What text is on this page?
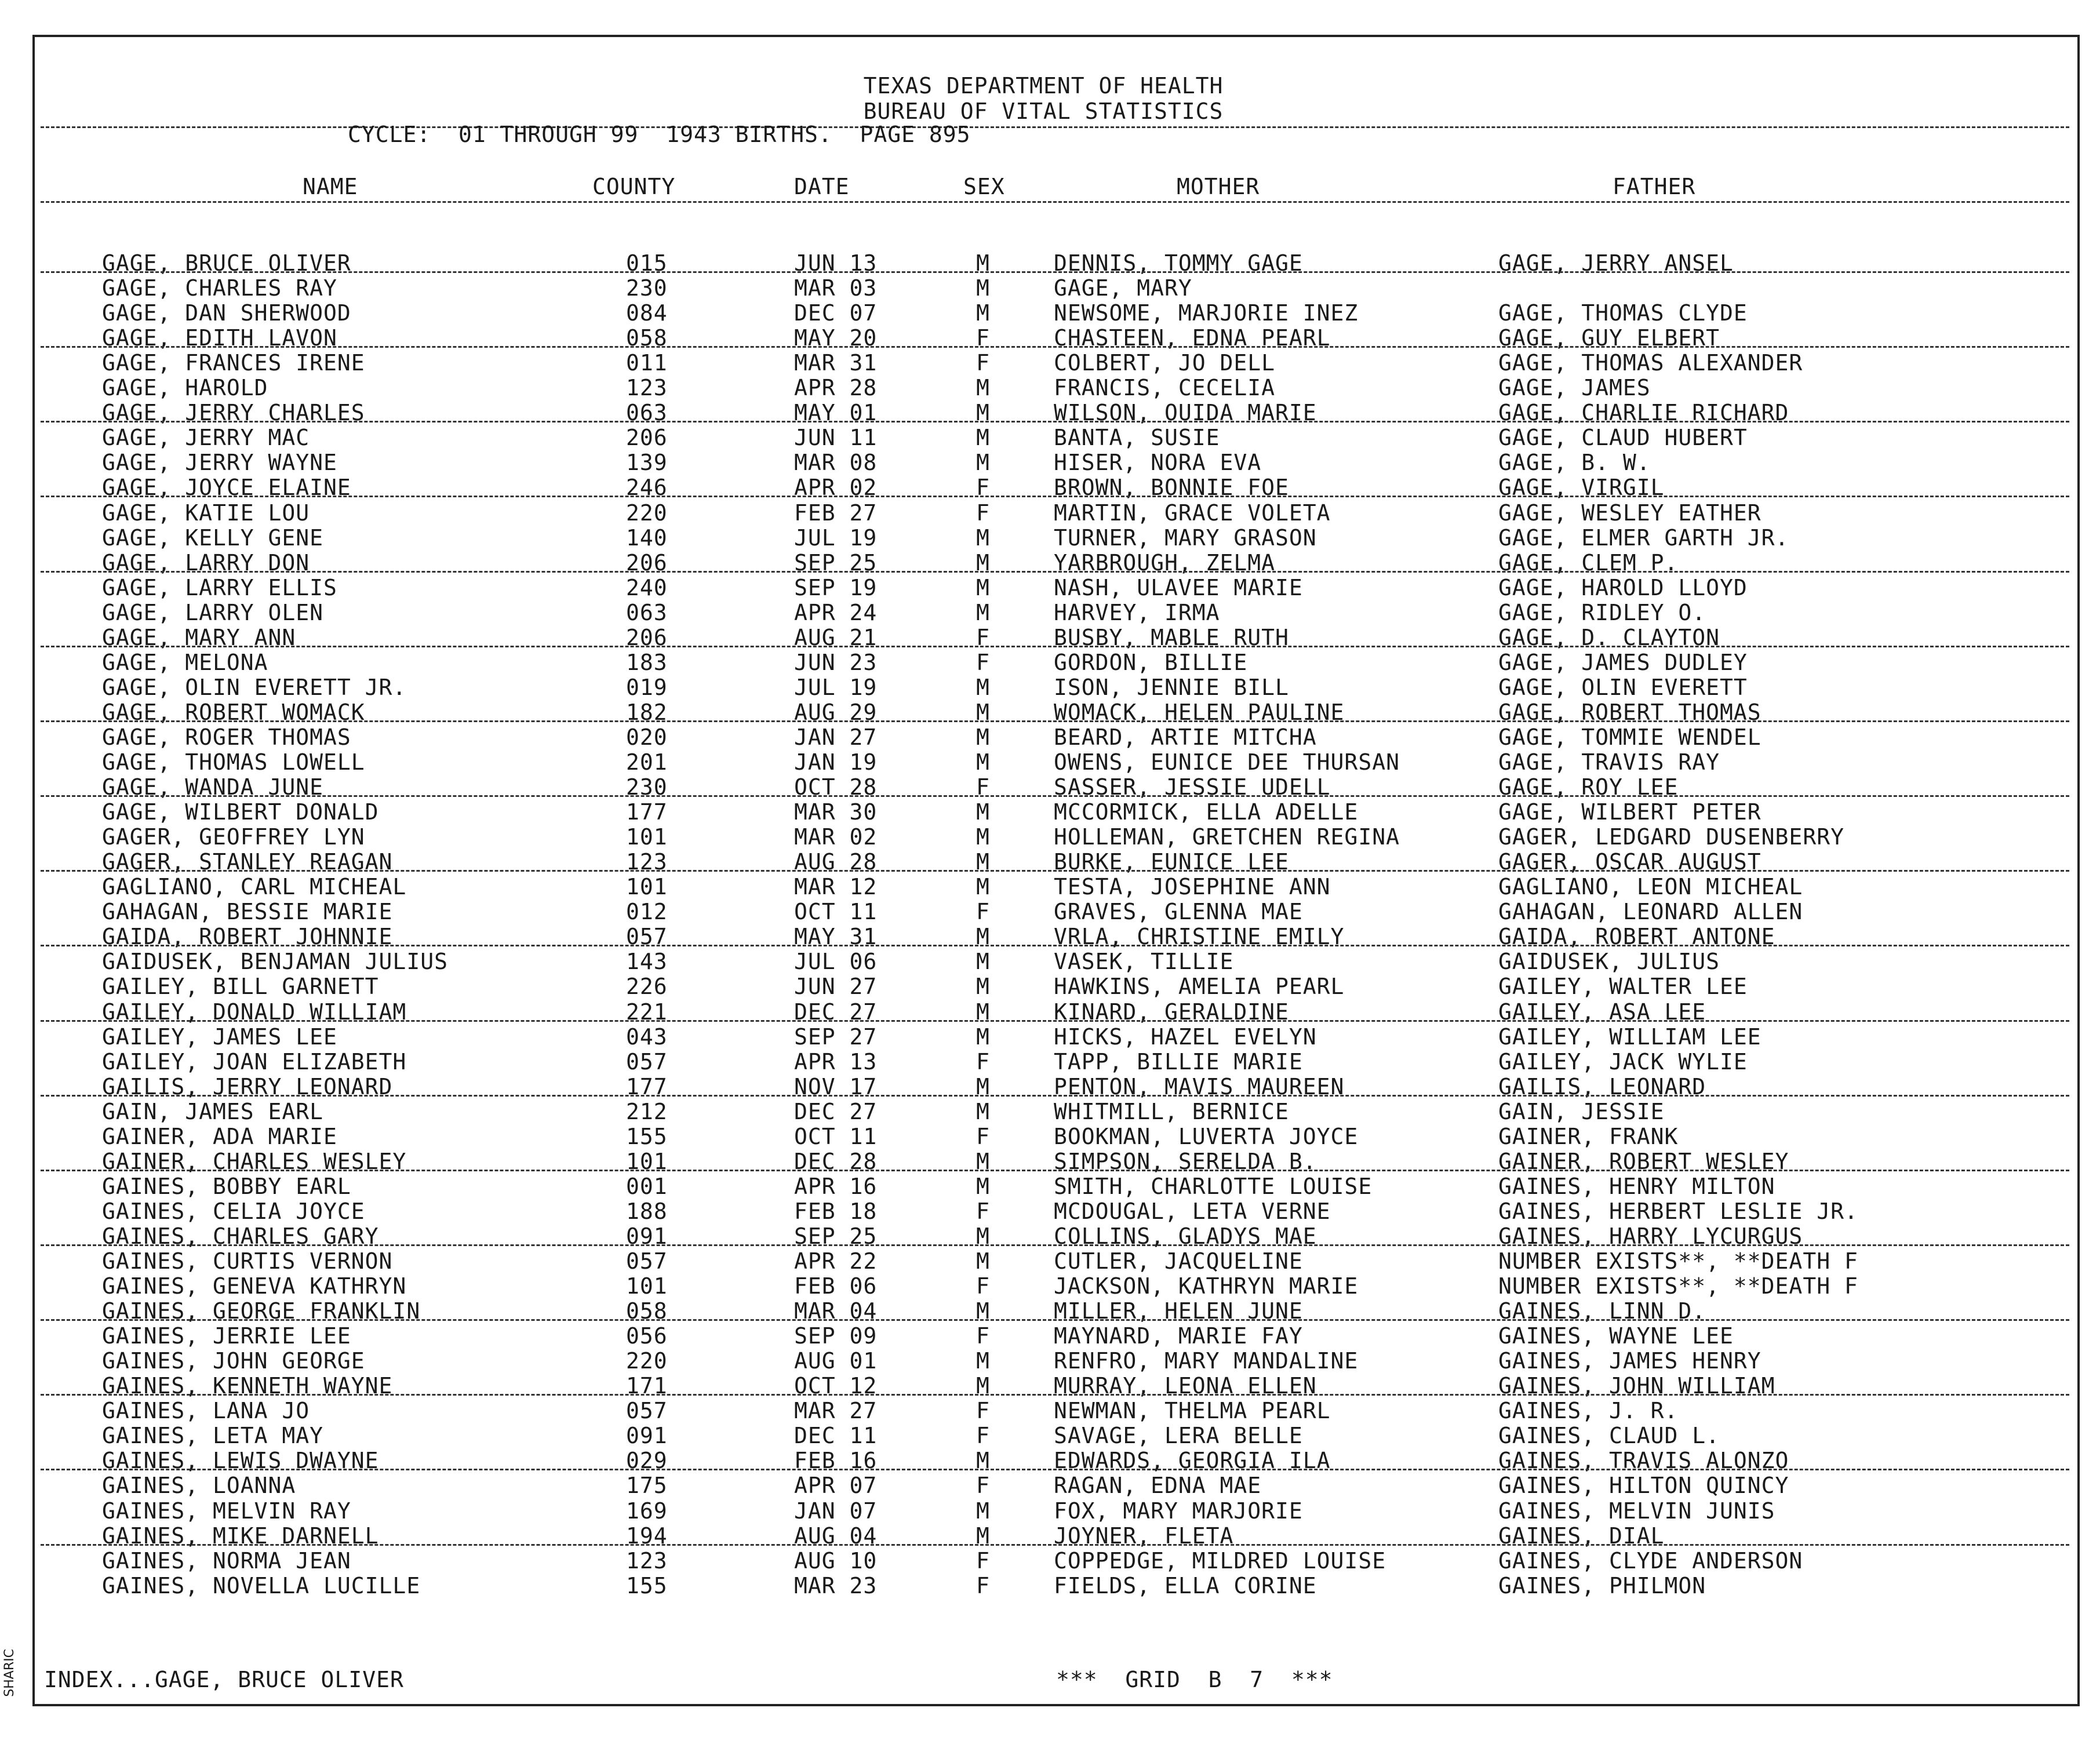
TEXAS DEPARTMENT OF HEALTH
BUREAU OF VITAL STATISTICS
CYCLE:  01 THROUGH 99  1943 BIRTHS.  PAGE 895
NAME	COUNTY	DATE	SEX	MOTHER	FATHER
GAGE, BRUCE OLIVER	015	JUN 13	M	DENNIS, TOMMY GAGE	GAGE, JERRY ANSEL
GAGE, CHARLES RAY	230	MAR 03	M	GAGE, MARY
GAGE, DAN SHERWOOD	084	DEC 07	M	NEWSOME, MARJORIE INEZ	GAGE, THOMAS CLYDE
GAGE, EDITH LAVON	058	MAY 20	F	CHASTEEN, EDNA PEARL	GAGE, GUY ELBERT
GAGE, FRANCES IRENE	011	MAR 31	F	COLBERT, JO DELL	GAGE, THOMAS ALEXANDER
GAGE, HAROLD	123	APR 28	M	FRANCIS, CECELIA	GAGE, JAMES
GAGE, JERRY CHARLES	063	MAY 01	M	WILSON, OUIDA MARIE	GAGE, CHARLIE RICHARD
GAGE, JERRY MAC	206	JUN 11	M	BANTA, SUSIE	GAGE, CLAUD HUBERT
GAGE, JERRY WAYNE	139	MAR 08	M	HISER, NORA EVA	GAGE, B. W.
GAGE, JOYCE ELAINE	246	APR 02	F	BROWN, BONNIE FOE	GAGE, VIRGIL
GAGE, KATIE LOU	220	FEB 27	F	MARTIN, GRACE VOLETA	GAGE, WESLEY EATHER
GAGE, KELLY GENE	140	JUL 19	M	TURNER, MARY GRASON	GAGE, ELMER GARTH JR.
GAGE, LARRY DON	206	SEP 25	M	YARBROUGH, ZELMA	GAGE, CLEM P.
GAGE, LARRY ELLIS	240	SEP 19	M	NASH, ULAVEE MARIE	GAGE, HAROLD LLOYD
GAGE, LARRY OLEN	063	APR 24	M	HARVEY, IRMA	GAGE, RIDLEY O.
GAGE, MARY ANN	206	AUG 21	F	BUSBY, MABLE RUTH	GAGE, D. CLAYTON
GAGE, MELONA	183	JUN 23	F	GORDON, BILLIE	GAGE, JAMES DUDLEY
GAGE, OLIN EVERETT JR.	019	JUL 19	M	ISON, JENNIE BILL	GAGE, OLIN EVERETT
GAGE, ROBERT WOMACK	182	AUG 29	M	WOMACK, HELEN PAULINE	GAGE, ROBERT THOMAS
GAGE, ROGER THOMAS	020	JAN 27	M	BEARD, ARTIE MITCHA	GAGE, TOMMIE WENDEL
GAGE, THOMAS LOWELL	201	JAN 19	M	OWENS, EUNICE DEE THURSAN	GAGE, TRAVIS RAY
GAGE, WANDA JUNE	230	OCT 28	F	SASSER, JESSIE UDELL	GAGE, ROY LEE
GAGE, WILBERT DONALD	177	MAR 30	M	MCCORMICK, ELLA ADELLE	GAGE, WILBERT PETER
GAGER, GEOFFREY LYN	101	MAR 02	M	HOLLEMAN, GRETCHEN REGINA	GAGER, LEDGARD DUSENBERRY
GAGER, STANLEY REAGAN	123	AUG 28	M	BURKE, EUNICE LEE	GAGER, OSCAR AUGUST
GAGLIANO, CARL MICHEAL	101	MAR 12	M	TESTA, JOSEPHINE ANN	GAGLIANO, LEON MICHEAL
GAHAGAN, BESSIE MARIE	012	OCT 11	F	GRAVES, GLENNA MAE	GAHAGAN, LEONARD ALLEN
GAIDA, ROBERT JOHNNIE	057	MAY 31	M	VRLA, CHRISTINE EMILY	GAIDA, ROBERT ANTONE
GAIDUSEK, BENJAMAN JULIUS	143	JUL 06	M	VASEK, TILLIE	GAIDUSEK, JULIUS
GAILEY, BILL GARNETT	226	JUN 27	M	HAWKINS, AMELIA PEARL	GAILEY, WALTER LEE
GAILEY, DONALD WILLIAM	221	DEC 27	M	KINARD, GERALDINE	GAILEY, ASA LEE
GAILEY, JAMES LEE	043	SEP 27	M	HICKS, HAZEL EVELYN	GAILEY, WILLIAM LEE
GAILEY, JOAN ELIZABETH	057	APR 13	F	TAPP, BILLIE MARIE	GAILEY, JACK WYLIE
GAILIS, JERRY LEONARD	177	NOV 17	M	PENTON, MAVIS MAUREEN	GAILIS, LEONARD
GAIN, JAMES EARL	212	DEC 27	M	WHITMILL, BERNICE	GAIN, JESSIE
GAINER, ADA MARIE	155	OCT 11	F	BOOKMAN, LUVERTA JOYCE	GAINER, FRANK
GAINER, CHARLES WESLEY	101	DEC 28	M	SIMPSON, SERELDA B.	GAINER, ROBERT WESLEY
GAINES, BOBBY EARL	001	APR 16	M	SMITH, CHARLOTTE LOUISE	GAINES, HENRY MILTON
GAINES, CELIA JOYCE	188	FEB 18	F	MCDOUGAL, LETA VERNE	GAINES, HERBERT LESLIE JR.
GAINES, CHARLES GARY	091	SEP 25	M	COLLINS, GLADYS MAE	GAINES, HARRY LYCURGUS
GAINES, CURTIS VERNON	057	APR 22	M	CUTLER, JACQUELINE	NUMBER EXISTS**, **DEATH F
GAINES, GENEVA KATHRYN	101	FEB 06	F	JACKSON, KATHRYN MARIE	NUMBER EXISTS**, **DEATH F
GAINES, GEORGE FRANKLIN	058	MAR 04	M	MILLER, HELEN JUNE	GAINES, LINN D.
GAINES, JERRIE LEE	056	SEP 09	F	MAYNARD, MARIE FAY	GAINES, WAYNE LEE
GAINES, JOHN GEORGE	220	AUG 01	M	RENFRO, MARY MANDALINE	GAINES, JAMES HENRY
GAINES, KENNETH WAYNE	171	OCT 12	M	MURRAY, LEONA ELLEN	GAINES, JOHN WILLIAM
GAINES, LANA JO	057	MAR 27	F	NEWMAN, THELMA PEARL	GAINES, J. R.
GAINES, LETA MAY	091	DEC 11	F	SAVAGE, LERA BELLE	GAINES, CLAUD L.
GAINES, LEWIS DWAYNE	029	FEB 16	M	EDWARDS, GEORGIA ILA	GAINES, TRAVIS ALONZO
GAINES, LOANNA	175	APR 07	F	RAGAN, EDNA MAE	GAINES, HILTON QUINCY
GAINES, MELVIN RAY	169	JAN 07	M	FOX, MARY MARJORIE	GAINES, MELVIN JUNIS
GAINES, MIKE DARNELL	194	AUG 04	M	JOYNER, FLETA	GAINES, DIAL
GAINES, NORMA JEAN	123	AUG 10	F	COPPEDGE, MILDRED LOUISE	GAINES, CLYDE ANDERSON
GAINES, NOVELLA LUCILLE	155	MAR 23	F	FIELDS, ELLA CORINE	GAINES, PHILMON
INDEX...GAGE, BRUCE OLIVER	***  GRID  B  7  ***
SHARIC
